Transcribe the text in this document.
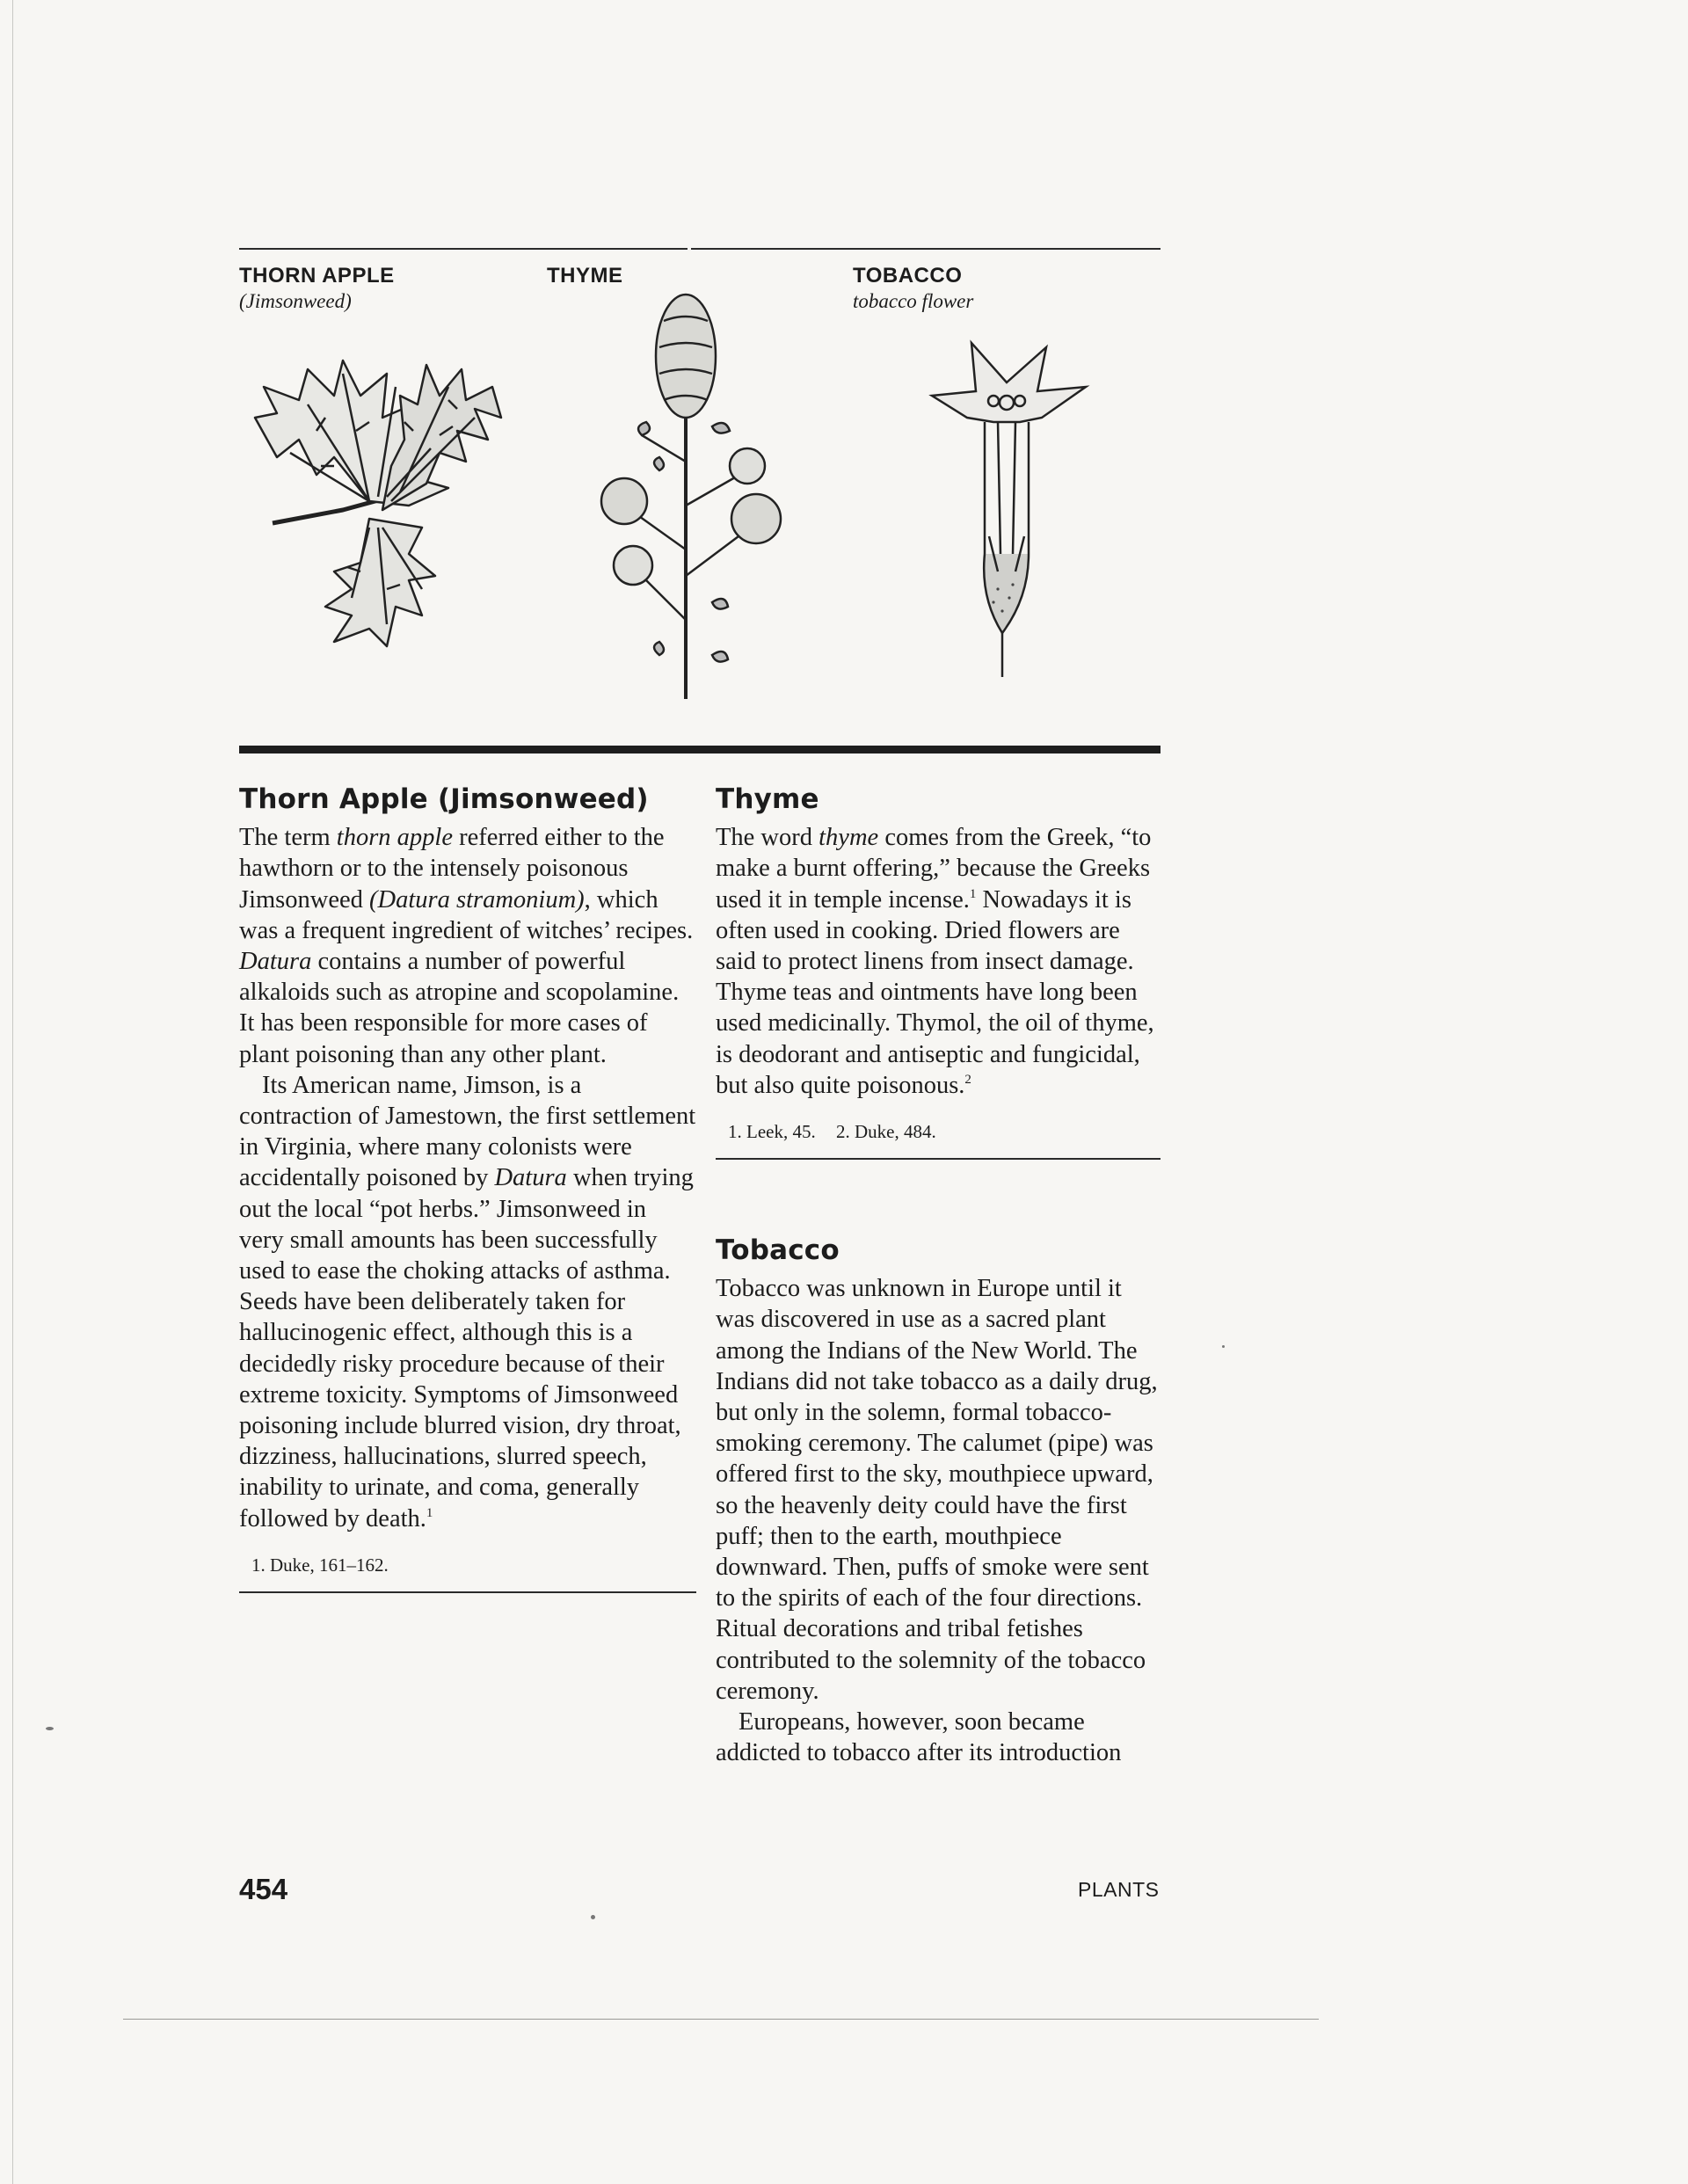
THORN APPLE
(Jimsonweed)
THYME	TOBACCO
tobacco flower
Thorn Apple (Jimsonweed)

The term thorn apple referred either to the hawthorn or to the intensely poisonous Jimsonweed (Datura stramonium), which was a frequent ingredient of witches’ recipes. Datura contains a number of powerful alkaloids such as atropine and scopolamine. It has been responsible for more cases of plant poisoning than any other plant.

Its American name, Jimson, is a contraction of Jamestown, the first settlement in Virginia, where many colonists were accidentally poisoned by Datura when trying out the local “pot herbs.” Jimsonweed in very small amounts has been successfully used to ease the choking attacks of asthma. Seeds have been deliberately taken for hallucinogenic effect, although this is a decidedly risky procedure because of their extreme toxicity. Symptoms of Jimsonweed poisoning include blurred vision, dry throat, dizziness, hallucinations, slurred speech, inability to urinate, and coma, generally followed by death.$^1$

1. Duke, 161–162.
Thyme

The word thyme comes from the Greek, “to make a burnt offering,” because the Greeks used it in temple incense.$^1$ Nowadays it is often used in cooking. Dried flowers are said to protect linens from insect damage. Thyme teas and ointments have long been used medicinally. Thymol, the oil of thyme, is deodorant and antiseptic and fungicidal, but also quite poisonous.$^2$

1. Leek, 45. 2. Duke, 484.
Tobacco

Tobacco was unknown in Europe until it was discovered in use as a sacred plant among the Indians of the New World. The Indians did not take tobacco as a daily drug, but only in the solemn, formal tobacco-smoking ceremony. The calumet (pipe) was offered first to the sky, mouthpiece upward, so the heavenly deity could have the first puff; then to the earth, mouthpiece downward. Then, puffs of smoke were sent to the spirits of each of the four directions. Ritual decorations and tribal fetishes contributed to the solemnity of the tobacco ceremony.

Europeans, however, soon became addicted to tobacco after its introduction

454	PLANTS
